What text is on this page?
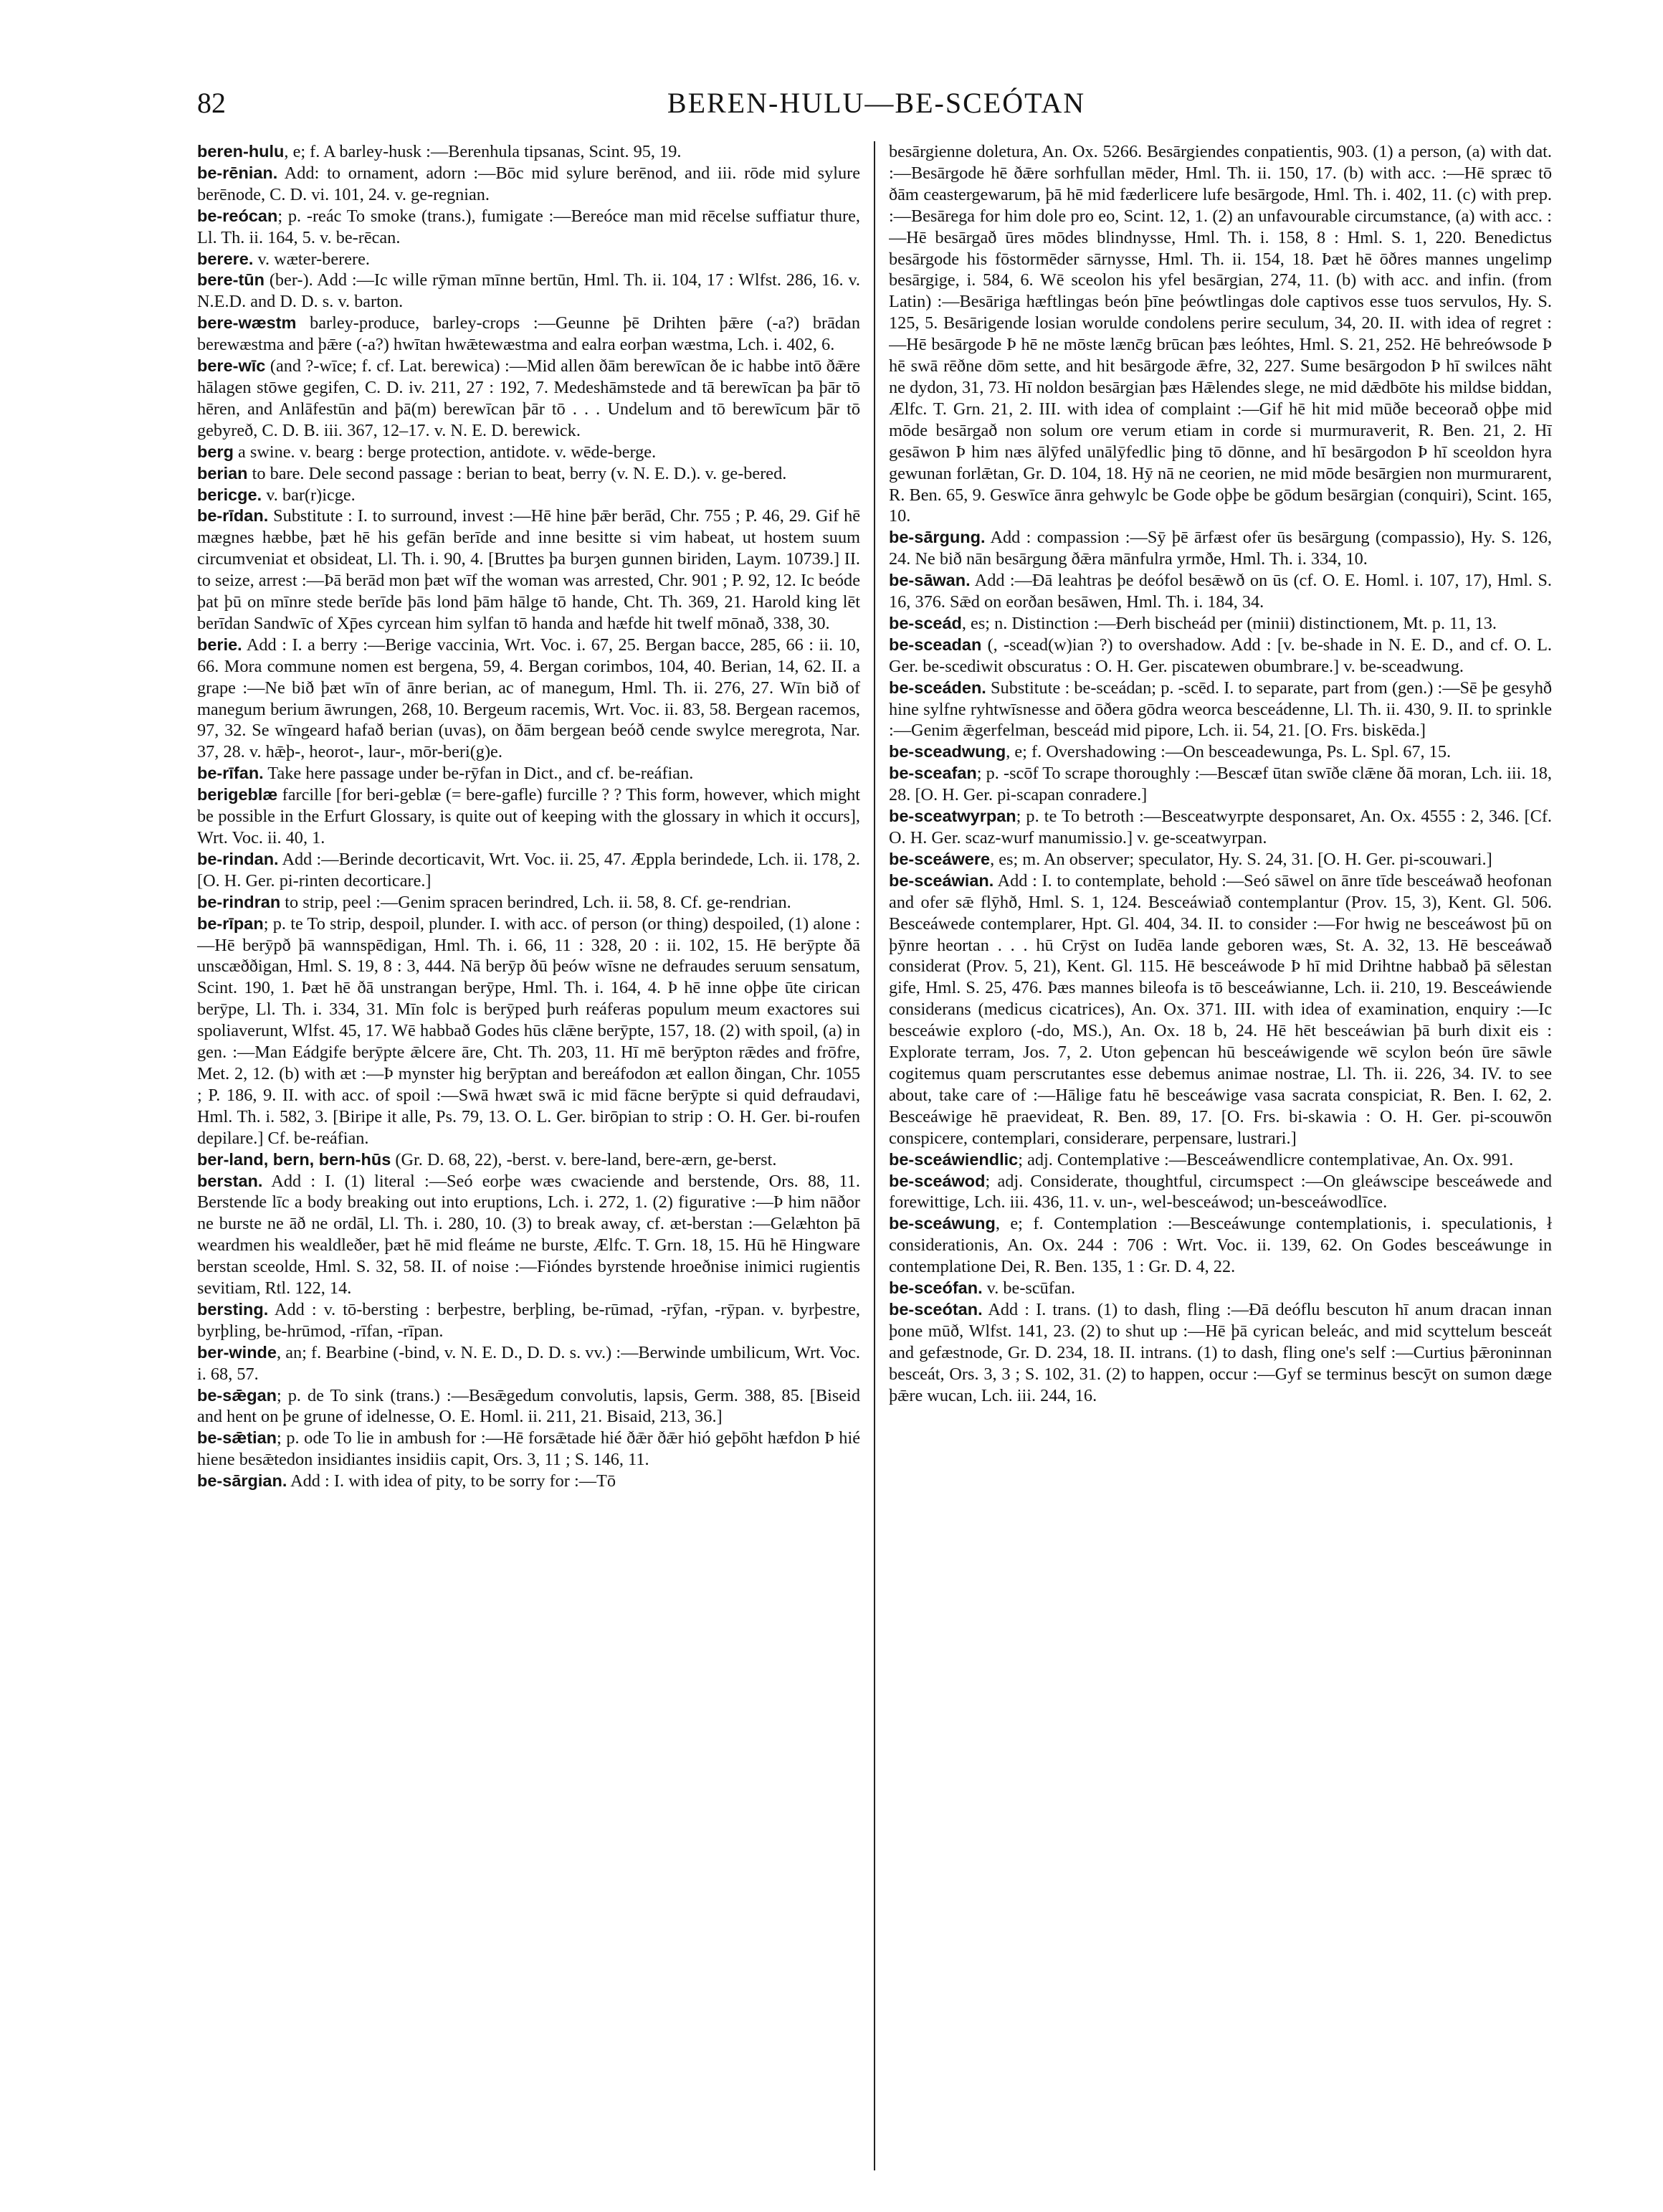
82	BEREN-HULU—BE-SCEÓTAN

beren-hulu, e; f. A barley-husk :—Berenhula tipsanas, Scint. 95, 19.

be-rēnian. Add: to ornament, adorn :—Bōc mid sylure berēnod, and iii. rōde mid sylure berēnode, C. D. vi. 101, 24. v. ge-regnian.

be-reócan; p. -reác To smoke (trans.), fumigate :—Bereóce man mid rēcelse suffiatur thure, Ll. Th. ii. 164, 5. v. be-rēcan.

berere. v. wæter-berere.

bere-tūn (ber-). Add :—Ic wille rȳman mīnne bertūn, Hml. Th. ii. 104, 17 : Wlfst. 286, 16. v. N.E.D. and D. D. s. v. barton.

bere-wæstm barley-produce, barley-crops :—Geunne þē Drihten þǣre (-a?) brādan berewæstma and þǣre (-a?) hwītan hwǣtewæstma and ealra eorþan wæstma, Lch. i. 402, 6.

bere-wīc (and ?-wīce; f. cf. Lat. berewica) :—Mid allen ðām berewīcan ðe ic habbe intō ðǣre hālagen stōwe gegifen, C. D. iv. 211, 27 : 192, 7. Medeshāmstede and tā berewīcan þa þār tō hēren, and Anlāfestūn and þā(m) berewīcan þār tō . . . Undelum and tō berewīcum þār tō gebyreð, C. D. B. iii. 367, 12–17. v. N. E. D. berewick.

berg a swine. v. bearg : berge protection, antidote. v. wēde-berge.

berian to bare. Dele second passage : berian to beat, berry (v. N. E. D.). v. ge-bered.

bericge. v. bar(r)icge.

be-rīdan. Substitute : I. to surround, invest :—Hē hine þǣr berād, Chr. 755 ; P. 46, 29. Gif hē mægnes hæbbe, þæt hē his gefān berīde and inne besitte si vim habeat, ut hostem suum circumveniat et obsideat, Ll. Th. i. 90, 4. [Bruttes þa burȝen gunnen biriden, Laym. 10739.] II. to seize, arrest :—Þā berād mon þæt wīf the woman was arrested, Chr. 901 ; P. 92, 12. Ic beóde þat þū on mīnre stede berīde þās lond þām hālge tō hande, Cht. Th. 369, 21. Harold king lēt berīdan Sandwīc of Xp̄es cyrcean him sylfan tō handa and hæfde hit twelf mōnað, 338, 30.

berie. Add : I. a berry :—Berige vaccinia, Wrt. Voc. i. 67, 25. Bergan bacce, 285, 66 : ii. 10, 66. Mora commune nomen est bergena, 59, 4. Bergan corimbos, 104, 40. Berian, 14, 62. II. a grape :—Ne bið þæt wīn of ānre berian, ac of manegum, Hml. Th. ii. 276, 27. Wīn bið of manegum berium āwrungen, 268, 10. Bergeum racemis, Wrt. Voc. ii. 83, 58. Bergean racemos, 97, 32. Se wīngeard hafað berian (uvas), on ðām bergean beóð cende swylce meregrota, Nar. 37, 28. v. hǣþ-, heorot-, laur-, mōr-beri(g)e.

be-rīfan. Take here passage under be-rȳfan in Dict., and cf. be-reáfian.

berigeblæ farcille [for beri-geblæ (= bere-gafle) furcille ? ? This form, however, which might be possible in the Erfurt Glossary, is quite out of keeping with the glossary in which it occurs], Wrt. Voc. ii. 40, 1.

be-rindan. Add :—Berinde decorticavit, Wrt. Voc. ii. 25, 47. Æppla berindede, Lch. ii. 178, 2. [O. H. Ger. pi-rinten decorticare.]

be-rindran to strip, peel :—Genim spracen berindred, Lch. ii. 58, 8. Cf. ge-rendrian.

be-rīpan; p. te To strip, despoil, plunder. I. with acc. of person (or thing) despoiled, (1) alone :—Hē berȳpð þā wannspēdigan, Hml. Th. i. 66, 11 : 328, 20 : ii. 102, 15. Hē berȳpte ðā unscæððigan, Hml. S. 19, 8 : 3, 444. Nā berȳp ðū þeów wīsne ne defraudes seruum sensatum, Scint. 190, 1. Þæt hē ðā unstrangan berȳpe, Hml. Th. i. 164, 4. Þ hē inne oþþe ūte cirican berȳpe, Ll. Th. i. 334, 31. Mīn folc is berȳped þurh reáferas populum meum exactores sui spoliaverunt, Wlfst. 45, 17. Wē habbað Godes hūs clǣne berȳpte, 157, 18. (2) with spoil, (a) in gen. :—Man Eádgife berȳpte ǣlcere āre, Cht. Th. 203, 11. Hī mē berȳpton rǣdes and frōfre, Met. 2, 12. (b) with æt :—Þ mynster hig berȳptan and bereáfodon æt eallon ðingan, Chr. 1055 ; P. 186, 9. II. with acc. of spoil :—Swā hwæt swā ic mid fācne berȳpte si quid defraudavi, Hml. Th. i. 582, 3. [Biripe it alle, Ps. 79, 13. O. L. Ger. birōpian to strip : O. H. Ger. bi-roufen depilare.] Cf. be-reáfian.

ber-land, bern, bern-hūs (Gr. D. 68, 22), -berst. v. bere-land, bere-ærn, ge-berst.

berstan. Add : I. (1) literal :—Seó eorþe wæs cwaciende and berstende, Ors. 88, 11. Berstende līc a body breaking out into eruptions, Lch. i. 272, 1. (2) figurative :—Þ him nāðor ne burste ne āð ne ordāl, Ll. Th. i. 280, 10. (3) to break away, cf. æt-berstan :—Gelæhton þā weardmen his wealdleðer, þæt hē mid fleáme ne burste, Ælfc. T. Grn. 18, 15. Hū hē Hingware berstan sceolde, Hml. S. 32, 58. II. of noise :—Fióndes byrstende hroeðnise inimici rugientis sevitiam, Rtl. 122, 14.

bersting. Add : v. tō-bersting : berþestre, berþling, be-rūmad, -rȳfan, -rȳpan. v. byrþestre, byrþling, be-hrūmod, -rīfan, -rīpan.

ber-winde, an; f. Bearbine (-bind, v. N. E. D., D. D. s. vv.) :—Berwinde umbilicum, Wrt. Voc. i. 68, 57.

be-sǣgan; p. de To sink (trans.) :—Besǣgedum convolutis, lapsis, Germ. 388, 85. [Biseid and hent on þe grune of idelnesse, O. E. Homl. ii. 211, 21. Bisaid, 213, 36.]

be-sǣtian; p. ode To lie in ambush for :—Hē forsǣtade hié ðǣr ðǣr hió geþōht hæfdon Þ hié hiene besǣtedon insidiantes insidiis capit, Ors. 3, 11 ; S. 146, 11.

be-sārgian. Add : I. with idea of pity, to be sorry for :—Tō

besārgienne doletura, An. Ox. 5266. Besārgiendes conpatientis, 903. (1) a person, (a) with dat. :—Besārgode hē ðǣre sorhfullan mēder, Hml. Th. ii. 150, 17. (b) with acc. :—Hē spræc tō ðām ceastergewarum, þā hē mid fæderlicere lufe besārgode, Hml. Th. i. 402, 11. (c) with prep. :—Besārega for him dole pro eo, Scint. 12, 1. (2) an unfavourable circumstance, (a) with acc. :—Hē besārgað ūres mōdes blindnysse, Hml. Th. i. 158, 8 : Hml. S. 1, 220. Benedictus besārgode his fōstormēder sārnysse, Hml. Th. ii. 154, 18. Þæt hē ōðres mannes ungelimp besārgige, i. 584, 6. Wē sceolon his yfel besārgian, 274, 11. (b) with acc. and infin. (from Latin) :—Besāriga hæftlingas beón þīne þeówtlingas dole captivos esse tuos servulos, Hy. S. 125, 5. Besārigende losian worulde condolens perire seculum, 34, 20. II. with idea of regret :—Hē besārgode Þ hē ne mōste lænc̄g brūcan þæs leóhtes, Hml. S. 21, 252. Hē behreówsode Þ hē swā rēðne dōm sette, and hit besārgode ǣfre, 32, 227. Sume besārgodon Þ hī swilces nāht ne dydon, 31, 73. Hī noldon besārgian þæs Hǣlendes slege, ne mid dǣdbōte his mildse biddan, Ælfc. T. Grn. 21, 2. III. with idea of complaint :—Gif hē hit mid mūðe beceorað oþþe mid mōde besārgað non solum ore verum etiam in corde si murmuraverit, R. Ben. 21, 2. Hī gesāwon Þ him næs ālȳfed unālȳfedlic þing tō dōnne, and hī besārgodon Þ hī sceoldon hyra gewunan forlǣtan, Gr. D. 104, 18. Hȳ nā ne ceorien, ne mid mōde besārgien non murmurarent, R. Ben. 65, 9. Geswīce ānra gehwylc be Gode oþþe be gōdum besārgian (conquiri), Scint. 165, 10.

be-sārgung. Add : compassion :—Sȳ þē ārfæst ofer ūs besārgung (compassio), Hy. S. 126, 24. Ne bið nān besārgung ðǣra mānfulra yrmðe, Hml. Th. i. 334, 10.

be-sāwan. Add :—Ðā leahtras þe deófol besǣwð on ūs (cf. O. E. Homl. i. 107, 17), Hml. S. 16, 376. Sǣd on eorðan besāwen, Hml. Th. i. 184, 34.

be-sceád, es; n. Distinction :—Ðerh bischeád per (minii) distinctionem, Mt. p. 11, 13.

be-sceadan (, -scead(w)ian ?) to overshadow. Add : [v. be-shade in N. E. D., and cf. O. L. Ger. be-scediwit obscuratus : O. H. Ger. piscatewen obumbrare.] v. be-sceadwung.

be-sceáden. Substitute : be-sceádan; p. -scēd. I. to separate, part from (gen.) :—Sē þe gesyhð hine sylfne ryhtwīsnesse and ōðera gōdra weorca besceádenne, Ll. Th. ii. 430, 9. II. to sprinkle :—Genim ǣgerfelman, besceád mid pipore, Lch. ii. 54, 21. [O. Frs. biskēda.]

be-sceadwung, e; f. Overshadowing :—On besceadewunga, Ps. L. Spl. 67, 15.

be-sceafan; p. -scōf To scrape thoroughly :—Bescæf ūtan swīðe clǣne ðā moran, Lch. iii. 18, 28. [O. H. Ger. pi-scapan conradere.]

be-sceatwyrpan; p. te To betroth :—Besceatwyrpte desponsaret, An. Ox. 4555 : 2, 346. [Cf. O. H. Ger. scaz-wurf manumissio.] v. ge-sceatwyrpan.

be-sceáwere, es; m. An observer; speculator, Hy. S. 24, 31. [O. H. Ger. pi-scouwari.]

be-sceáwian. Add : I. to contemplate, behold :—Seó sāwel on ānre tīde besceáwað heofonan and ofer sǣ flȳhð, Hml. S. 1, 124. Besceáwiað contemplantur (Prov. 15, 3), Kent. Gl. 506. Besceáwede contemplarer, Hpt. Gl. 404, 34. II. to consider :—For hwig ne besceáwost þū on þȳnre heortan . . . hū Crȳst on Iudēa lande geboren wæs, St. A. 32, 13. Hē besceáwað considerat (Prov. 5, 21), Kent. Gl. 115. Hē besceáwode Þ hī mid Drihtne habbað þā sēlestan gife, Hml. S. 25, 476. Þæs mannes bileofa is tō besceáwianne, Lch. ii. 210, 19. Besceáwiende considerans (medicus cicatrices), An. Ox. 371. III. with idea of examination, enquiry :—Ic besceáwie exploro (-do, MS.), An. Ox. 18 b, 24. Hē hēt besceáwian þā burh dixit eis : Explorate terram, Jos. 7, 2. Uton geþencan hū besceáwigende wē scylon beón ūre sāwle cogitemus quam perscrutantes esse debemus animae nostrae, Ll. Th. ii. 226, 34. IV. to see about, take care of :—Hālige fatu hē besceáwige vasa sacrata conspiciat, R. Ben. I. 62, 2. Besceáwige hē praevideat, R. Ben. 89, 17. [O. Frs. bi-skawia : O. H. Ger. pi-scouwōn conspicere, contemplari, considerare, perpensare, lustrari.]

be-sceáwiendlic; adj. Contemplative :—Besceáwendlicre contemplativae, An. Ox. 991.

be-sceáwod; adj. Considerate, thoughtful, circumspect :—On gleáwscipe besceáwede and forewittige, Lch. iii. 436, 11. v. un-, wel-besceáwod; un-besceáwodlīce.

be-sceáwung, e; f. Contemplation :—Besceáwunge contemplationis, i. speculationis, ł considerationis, An. Ox. 244 : 706 : Wrt. Voc. ii. 139, 62. On Godes besceáwunge in contemplatione Dei, R. Ben. 135, 1 : Gr. D. 4, 22.

be-sceófan. v. be-scūfan.

be-sceótan. Add : I. trans. (1) to dash, fling :—Ðā deóflu bescuton hī anum dracan innan þone mūð, Wlfst. 141, 23. (2) to shut up :—Hē þā cyrican beleác, and mid scyttelum besceát and gefæstnode, Gr. D. 234, 18. II. intrans. (1) to dash, fling one's self :—Curtius þǣroninnan besceát, Ors. 3, 3 ; S. 102, 31. (2) to happen, occur :—Gyf se terminus bescȳt on sumon dæge þǣre wucan, Lch. iii. 244, 16.
